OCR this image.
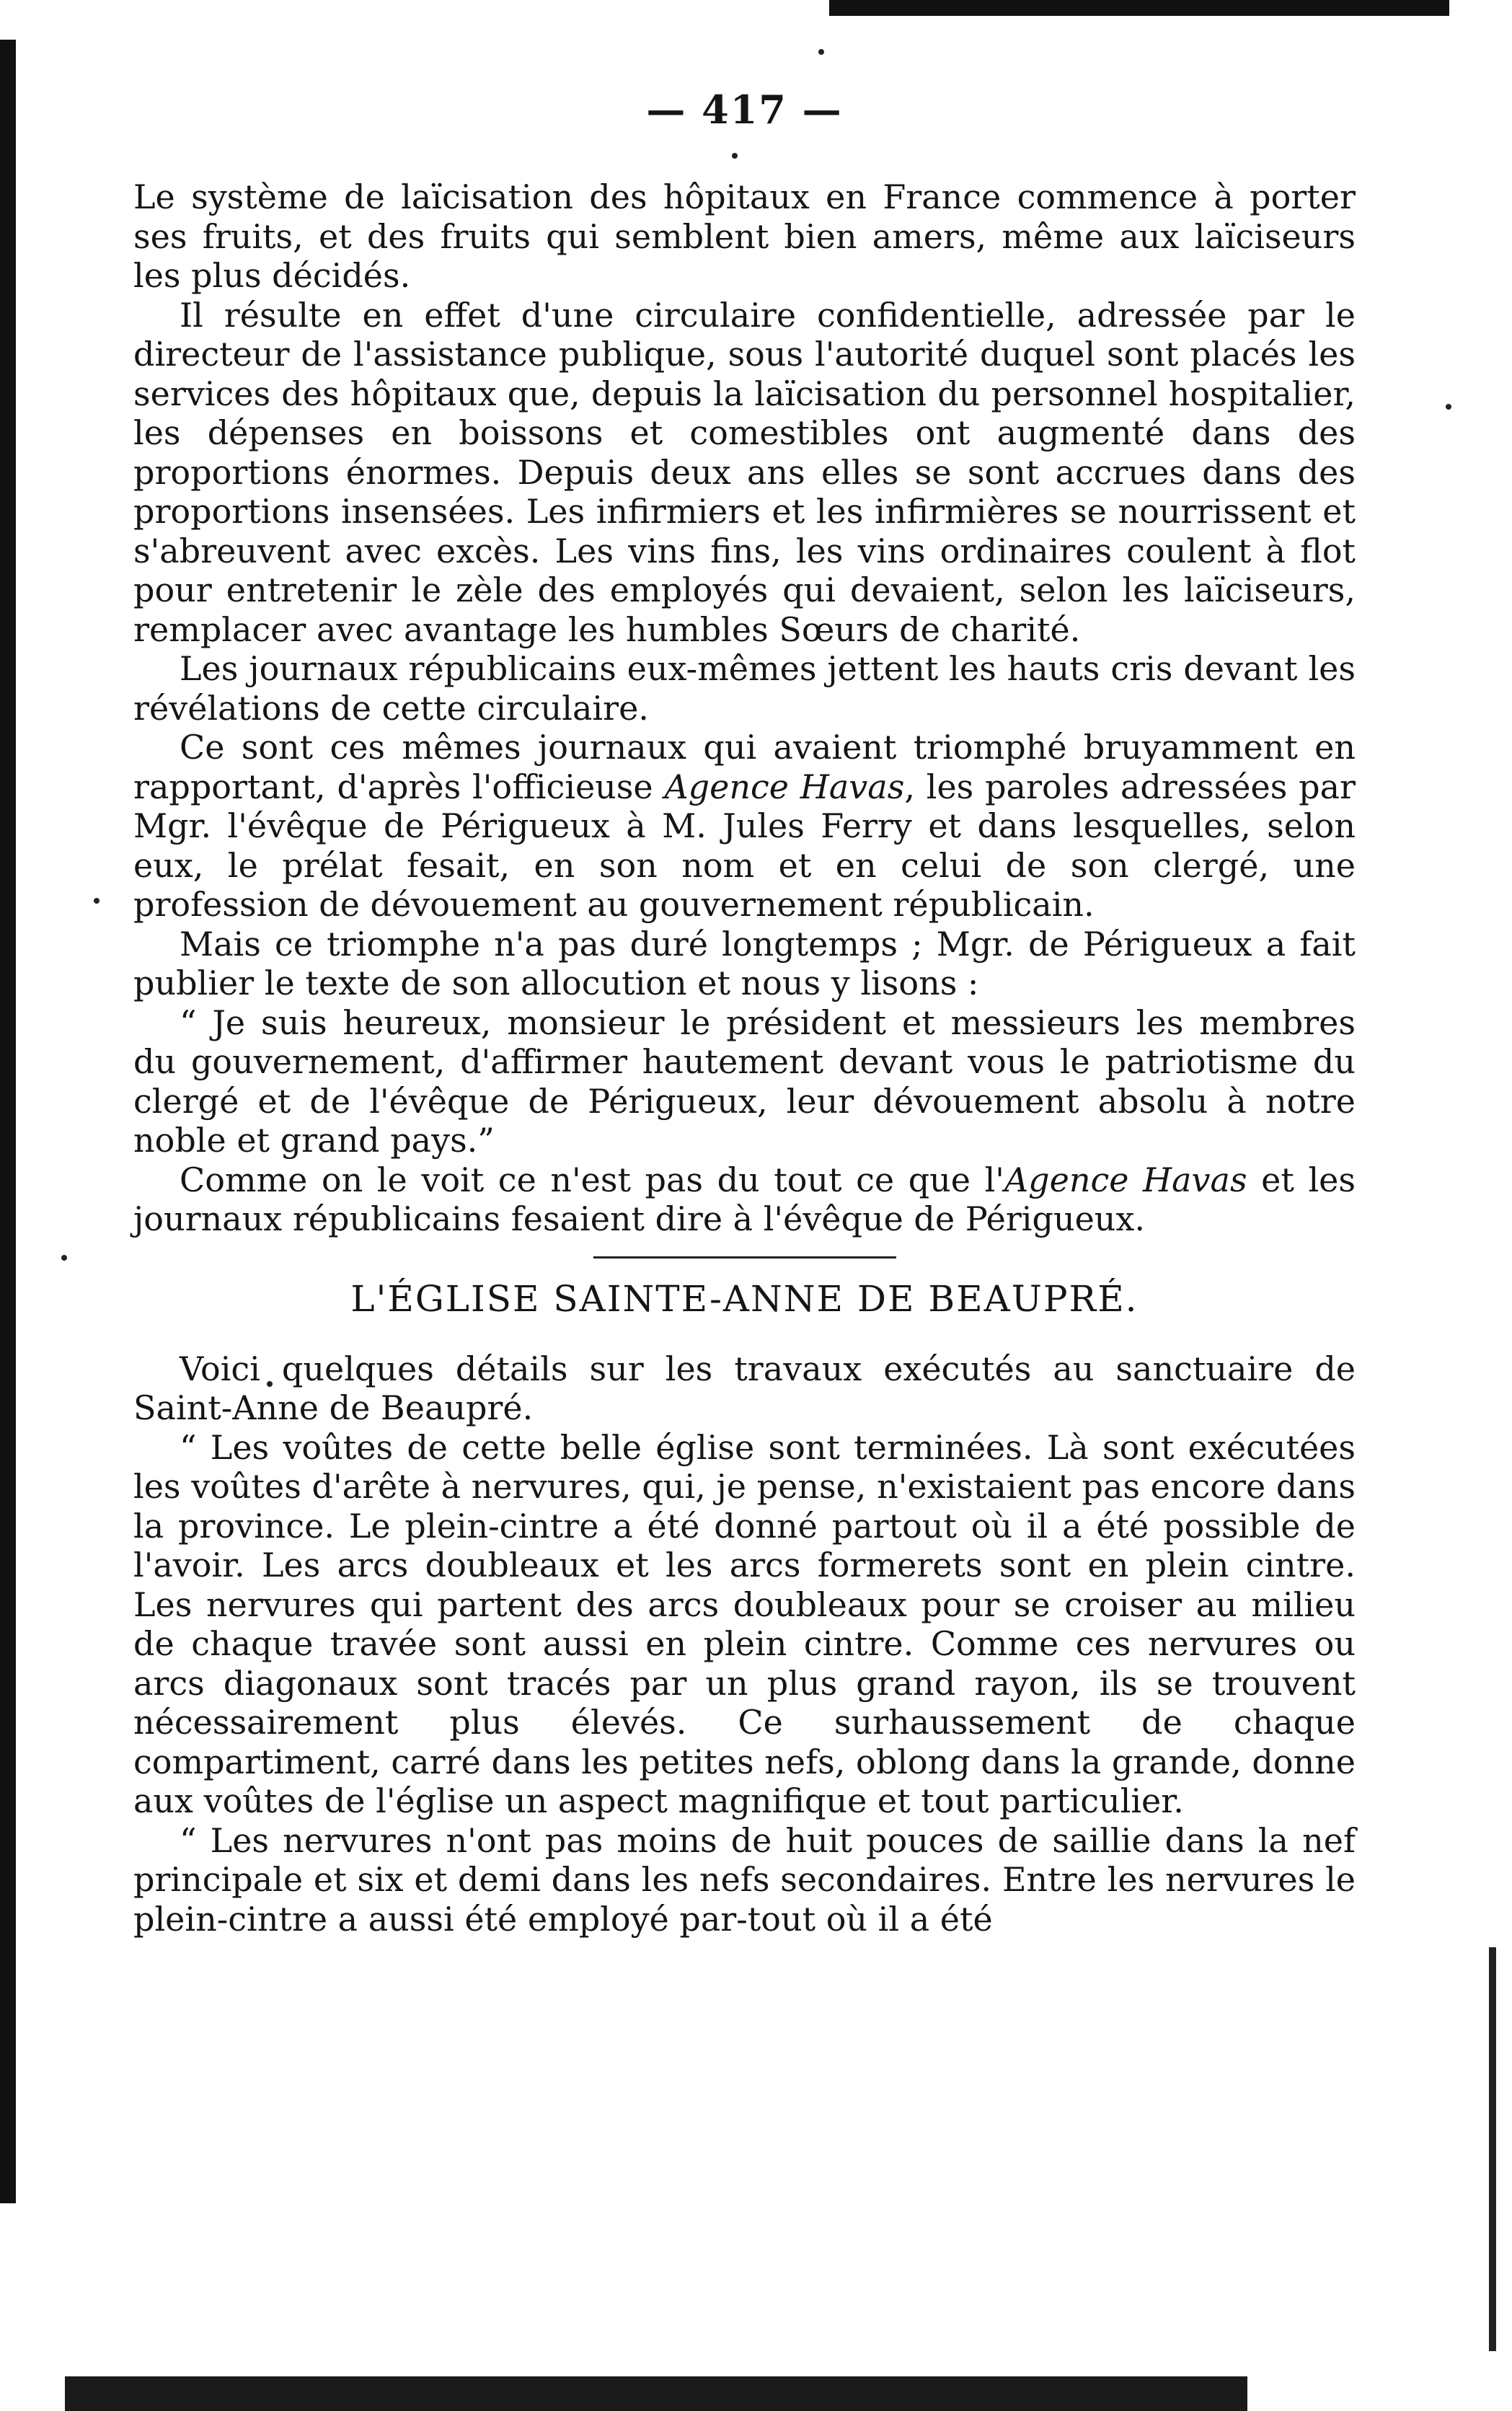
— 417 —

Le système de laïcisation des hôpitaux en France commence à porter ses fruits, et des fruits qui semblent bien amers, même aux laïciseurs les plus décidés.

Il résulte en effet d'une circulaire confidentielle, adressée par le directeur de l'assistance publique, sous l'autorité duquel sont placés les services des hôpitaux que, depuis la laïcisation du personnel hospitalier, les dépenses en boissons et comestibles ont augmenté dans des proportions énormes. Depuis deux ans elles se sont accrues dans des proportions insensées. Les infirmiers et les infirmières se nourrissent et s'abreuvent avec excès. Les vins fins, les vins ordinaires coulent à flot pour entretenir le zèle des employés qui devaient, selon les laïciseurs, remplacer avec avantage les humbles Sœurs de charité.

Les journaux républicains eux-mêmes jettent les hauts cris devant les révélations de cette circulaire.

Ce sont ces mêmes journaux qui avaient triomphé bruyamment en rapportant, d'après l'officieuse Agence Havas, les paroles adressées par Mgr. l'évêque de Périgueux à M. Jules Ferry et dans lesquelles, selon eux, le prélat fesait, en son nom et en celui de son clergé, une profession de dévouement au gouvernement républicain.

Mais ce triomphe n'a pas duré longtemps ; Mgr. de Périgueux a fait publier le texte de son allocution et nous y lisons :

“ Je suis heureux, monsieur le président et messieurs les membres du gouvernement, d'affirmer hautement devant vous le patriotisme du clergé et de l'évêque de Périgueux, leur dévouement absolu à notre noble et grand pays.”

Comme on le voit ce n'est pas du tout ce que l'Agence Havas et les journaux républicains fesaient dire à l'évêque de Périgueux.

L'ÉGLISE SAINTE-ANNE DE BEAUPRÉ.

Voici quelques détails sur les travaux exécutés au sanctuaire de Saint-Anne de Beaupré.

“ Les voûtes de cette belle église sont terminées. Là sont exécutées les voûtes d'arête à nervures, qui, je pense, n'existaient pas encore dans la province. Le plein-cintre a été donné partout où il a été possible de l'avoir. Les arcs doubleaux et les arcs formerets sont en plein cintre. Les nervures qui partent des arcs doubleaux pour se croiser au milieu de chaque travée sont aussi en plein cintre. Comme ces nervures ou arcs diagonaux sont tracés par un plus grand rayon, ils se trouvent nécessairement plus élevés. Ce surhaussement de chaque compartiment, carré dans les petites nefs, oblong dans la grande, donne aux voûtes de l'église un aspect magnifique et tout particulier.

“ Les nervures n'ont pas moins de huit pouces de saillie dans la nef principale et six et demi dans les nefs secondaires. Entre les nervures le plein-cintre a aussi été employé par-tout où il a été
